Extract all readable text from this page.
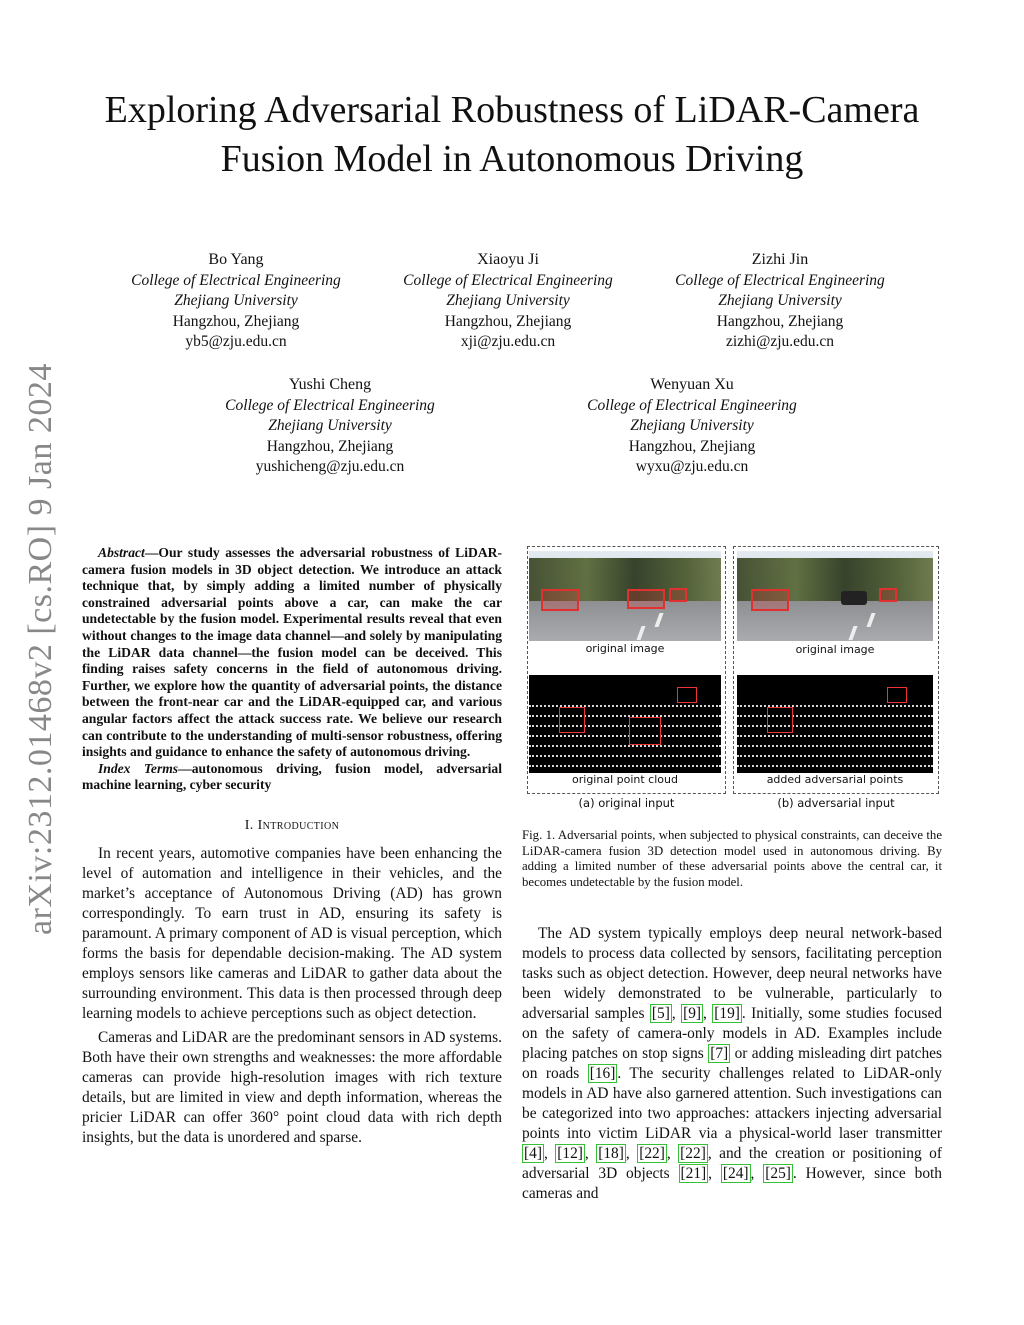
Exploring Adversarial Robustness of LiDAR-Camera Fusion Model in Autonomous Driving
Bo Yang
College of Electrical Engineering
Zhejiang University
Hangzhou, Zhejiang
yb5@zju.edu.cn
Xiaoyu Ji
College of Electrical Engineering
Zhejiang University
Hangzhou, Zhejiang
xji@zju.edu.cn
Zizhi Jin
College of Electrical Engineering
Zhejiang University
Hangzhou, Zhejiang
zizhi@zju.edu.cn
Yushi Cheng
College of Electrical Engineering
Zhejiang University
Hangzhou, Zhejiang
yushicheng@zju.edu.cn
Wenyuan Xu
College of Electrical Engineering
Zhejiang University
Hangzhou, Zhejiang
wyxu@zju.edu.cn
arXiv:2312.01468v2 [cs.RO] 9 Jan 2024	Abstract—Our study assesses the adversarial robustness of LiDAR-camera fusion models in 3D object detection. We introduce an attack technique that, by simply adding a limited number of physically constrained adversarial points above a car, can make the car undetectable by the fusion model. Experimental results reveal that even without changes to the image data channel—and solely by manipulating the LiDAR data channel—the fusion model can be deceived. This finding raises safety concerns in the field of autonomous driving. Further, we explore how the quantity of adversarial points, the distance between the front-near car and the LiDAR-equipped car, and various angular factors affect the attack success rate. We believe our research can contribute to the understanding of multi-sensor robustness, offering insights and guidance to enhance the safety of autonomous driving.
Index Terms—autonomous driving, fusion model, adversarial machine learning, cyber security
I. Introduction

In recent years, automotive companies have been enhancing the level of automation and intelligence in their vehicles, and the market’s acceptance of Autonomous Driving (AD) has grown correspondingly. To earn trust in AD, ensuring its safety is paramount. A primary component of AD is visual perception, which forms the basis for dependable decision-making. The AD system employs sensors like cameras and LiDAR to gather data about the surrounding environment. This data is then processed through deep learning models to achieve perceptions such as object detection.

Cameras and LiDAR are the predominant sensors in AD systems. Both have their own strengths and weaknesses: the more affordable cameras can provide high-resolution images with rich texture details, but are limited in view and depth information, whereas the pricier LiDAR can offer 360° point cloud data with rich depth insights, but the data is unordered and sparse.

original image	original image
original point cloud	added adversarial points
(a) original input	(b) adversarial input
Fig. 1. Adversarial points, when subjected to physical constraints, can deceive the LiDAR-camera fusion 3D detection model used in autonomous driving. By adding a limited number of these adversarial points above the central car, it becomes undetectable by the fusion model.

The AD system typically employs deep neural network-based models to process data collected by sensors, facilitating perception tasks such as object detection. However, deep neural networks have been widely demonstrated to be vulnerable, particularly to adversarial samples [5] , [9] , [19] . Initially, some studies focused on the safety of camera-only models in AD. Examples include placing patches on stop signs [7] or adding misleading dirt patches on roads [16] . The security challenges related to LiDAR-only models in AD have also garnered attention. Such investigations can be categorized into two approaches: attackers injecting adversarial points into victim LiDAR via a physical-world laser transmitter [4] , [12] , [18] , [22] , [22] , and the creation or positioning of adversarial 3D objects [21] , [24] , [25] . However, since both cameras and
